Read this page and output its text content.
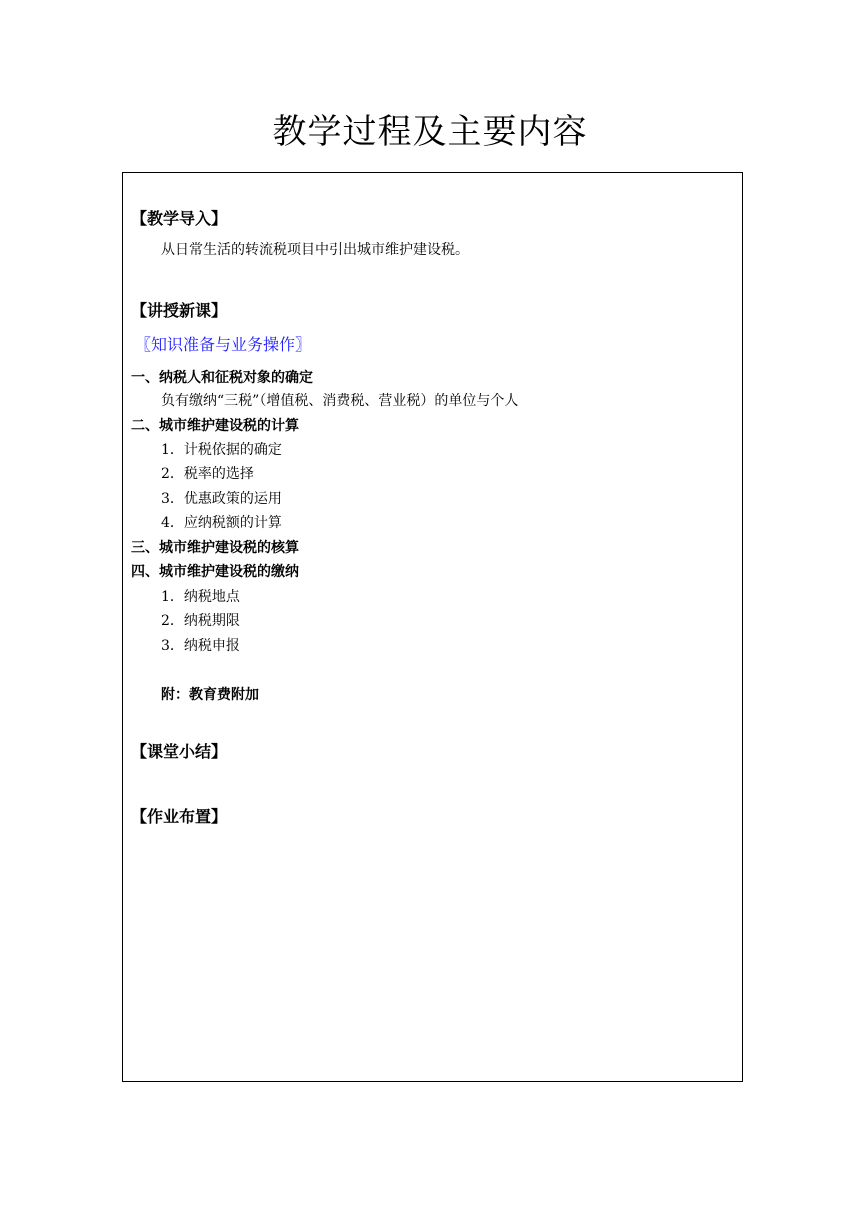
教学过程及主要内容
【教学导入】
从日常生活的转流税项目中引出城市维护建设税。
【讲授新课】
〖知识准备与业务操作〗
一、纳税人和征税对象的确定
负有缴纳“三税”（增值税、消费税、营业税）的单位与个人
二、城市维护建设税的计算
1．计税依据的确定
2．税率的选择
3．优惠政策的运用
4．应纳税额的计算
三、城市维护建设税的核算
四、城市维护建设税的缴纳
1．纳税地点
2．纳税期限
3．纳税申报
附：教育费附加
【课堂小结】
【作业布置】
